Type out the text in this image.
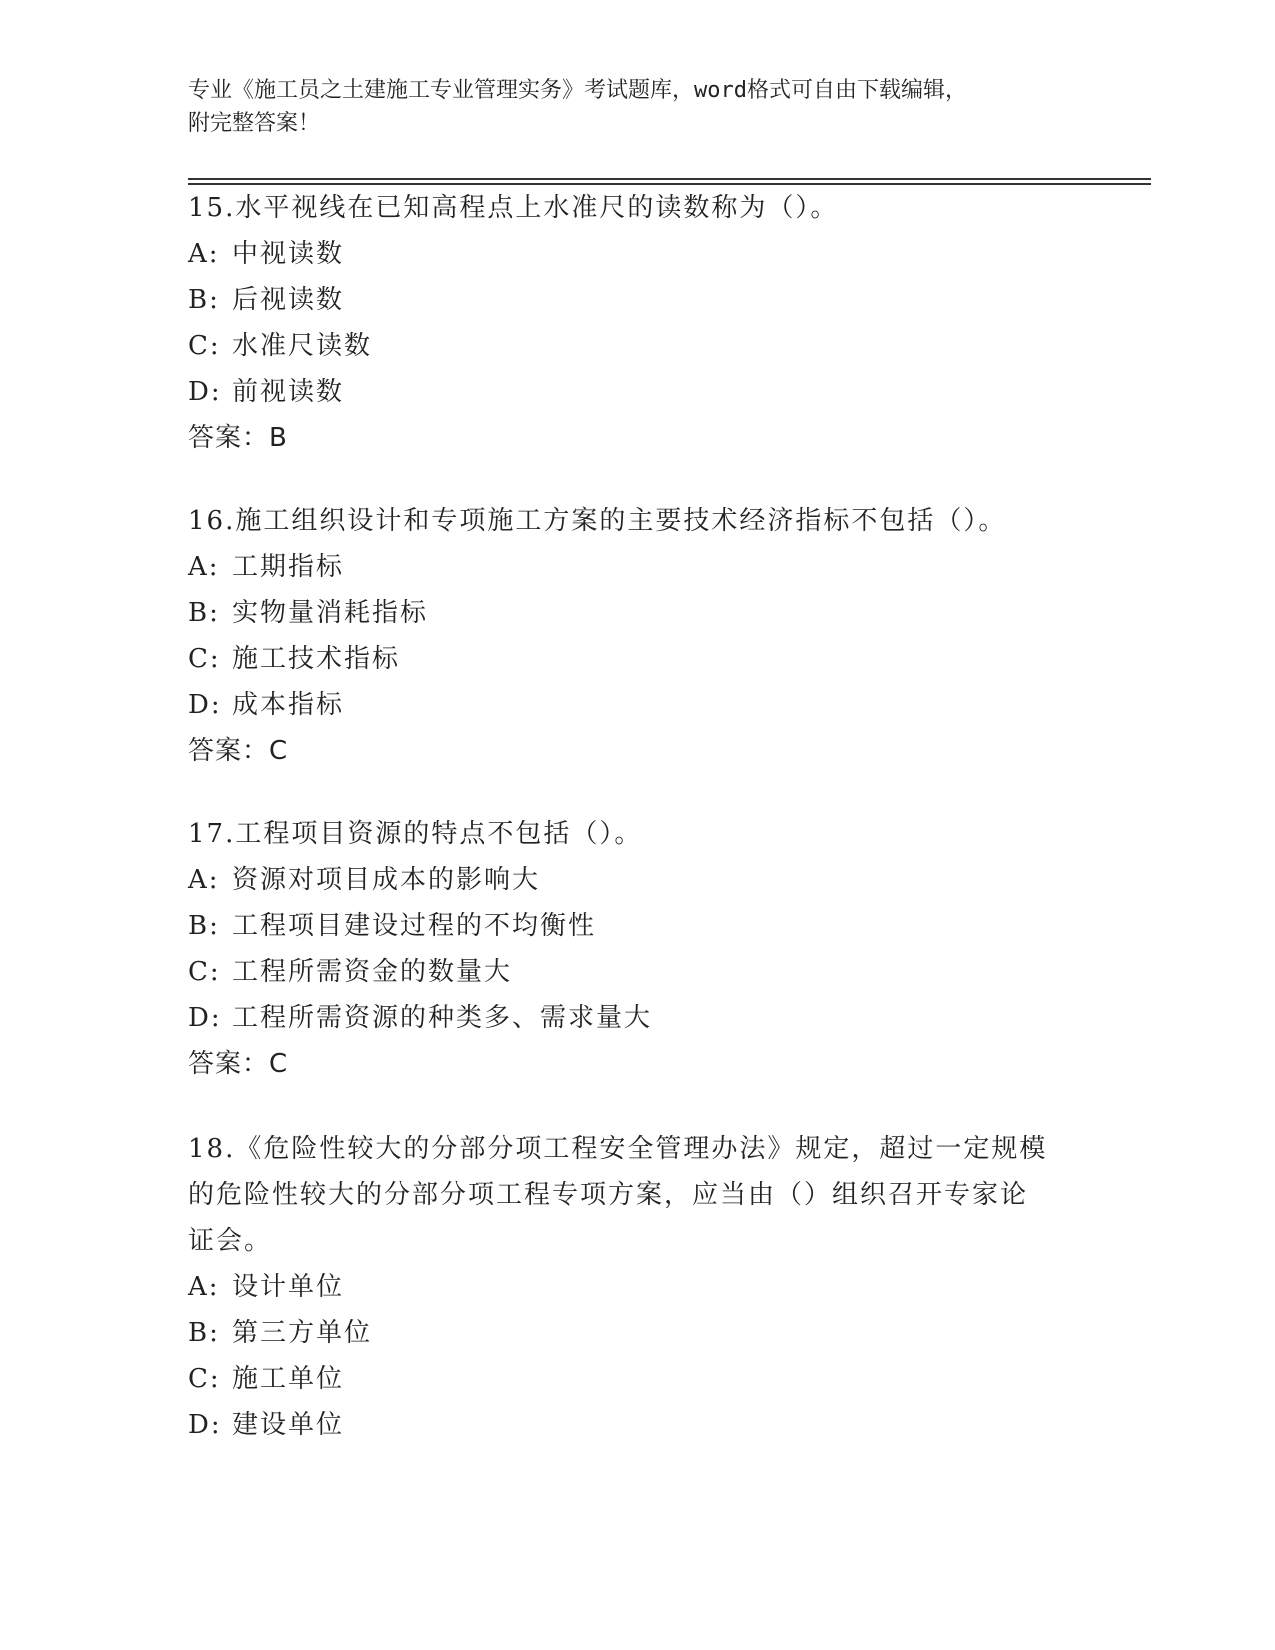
专业《施工员之土建施工专业管理实务》考试题库，word格式可自由下载编辑，
附完整答案！
15.水平视线在已知高程点上水准尺的读数称为（）。
A: 中视读数
B: 后视读数
C: 水准尺读数
D: 前视读数
答案：B
16.施工组织设计和专项施工方案的主要技术经济指标不包括（）。
A: 工期指标
B: 实物量消耗指标
C: 施工技术指标
D: 成本指标
答案：C
17.工程项目资源的特点不包括（）。
A: 资源对项目成本的影响大
B: 工程项目建设过程的不均衡性
C: 工程所需资金的数量大
D: 工程所需资源的种类多、需求量大
答案：C
18.《危险性较大的分部分项工程安全管理办法》规定，超过一定规模
的危险性较大的分部分项工程专项方案，应当由（）组织召开专家论
证会。
A: 设计单位
B: 第三方单位
C: 施工单位
D: 建设单位
